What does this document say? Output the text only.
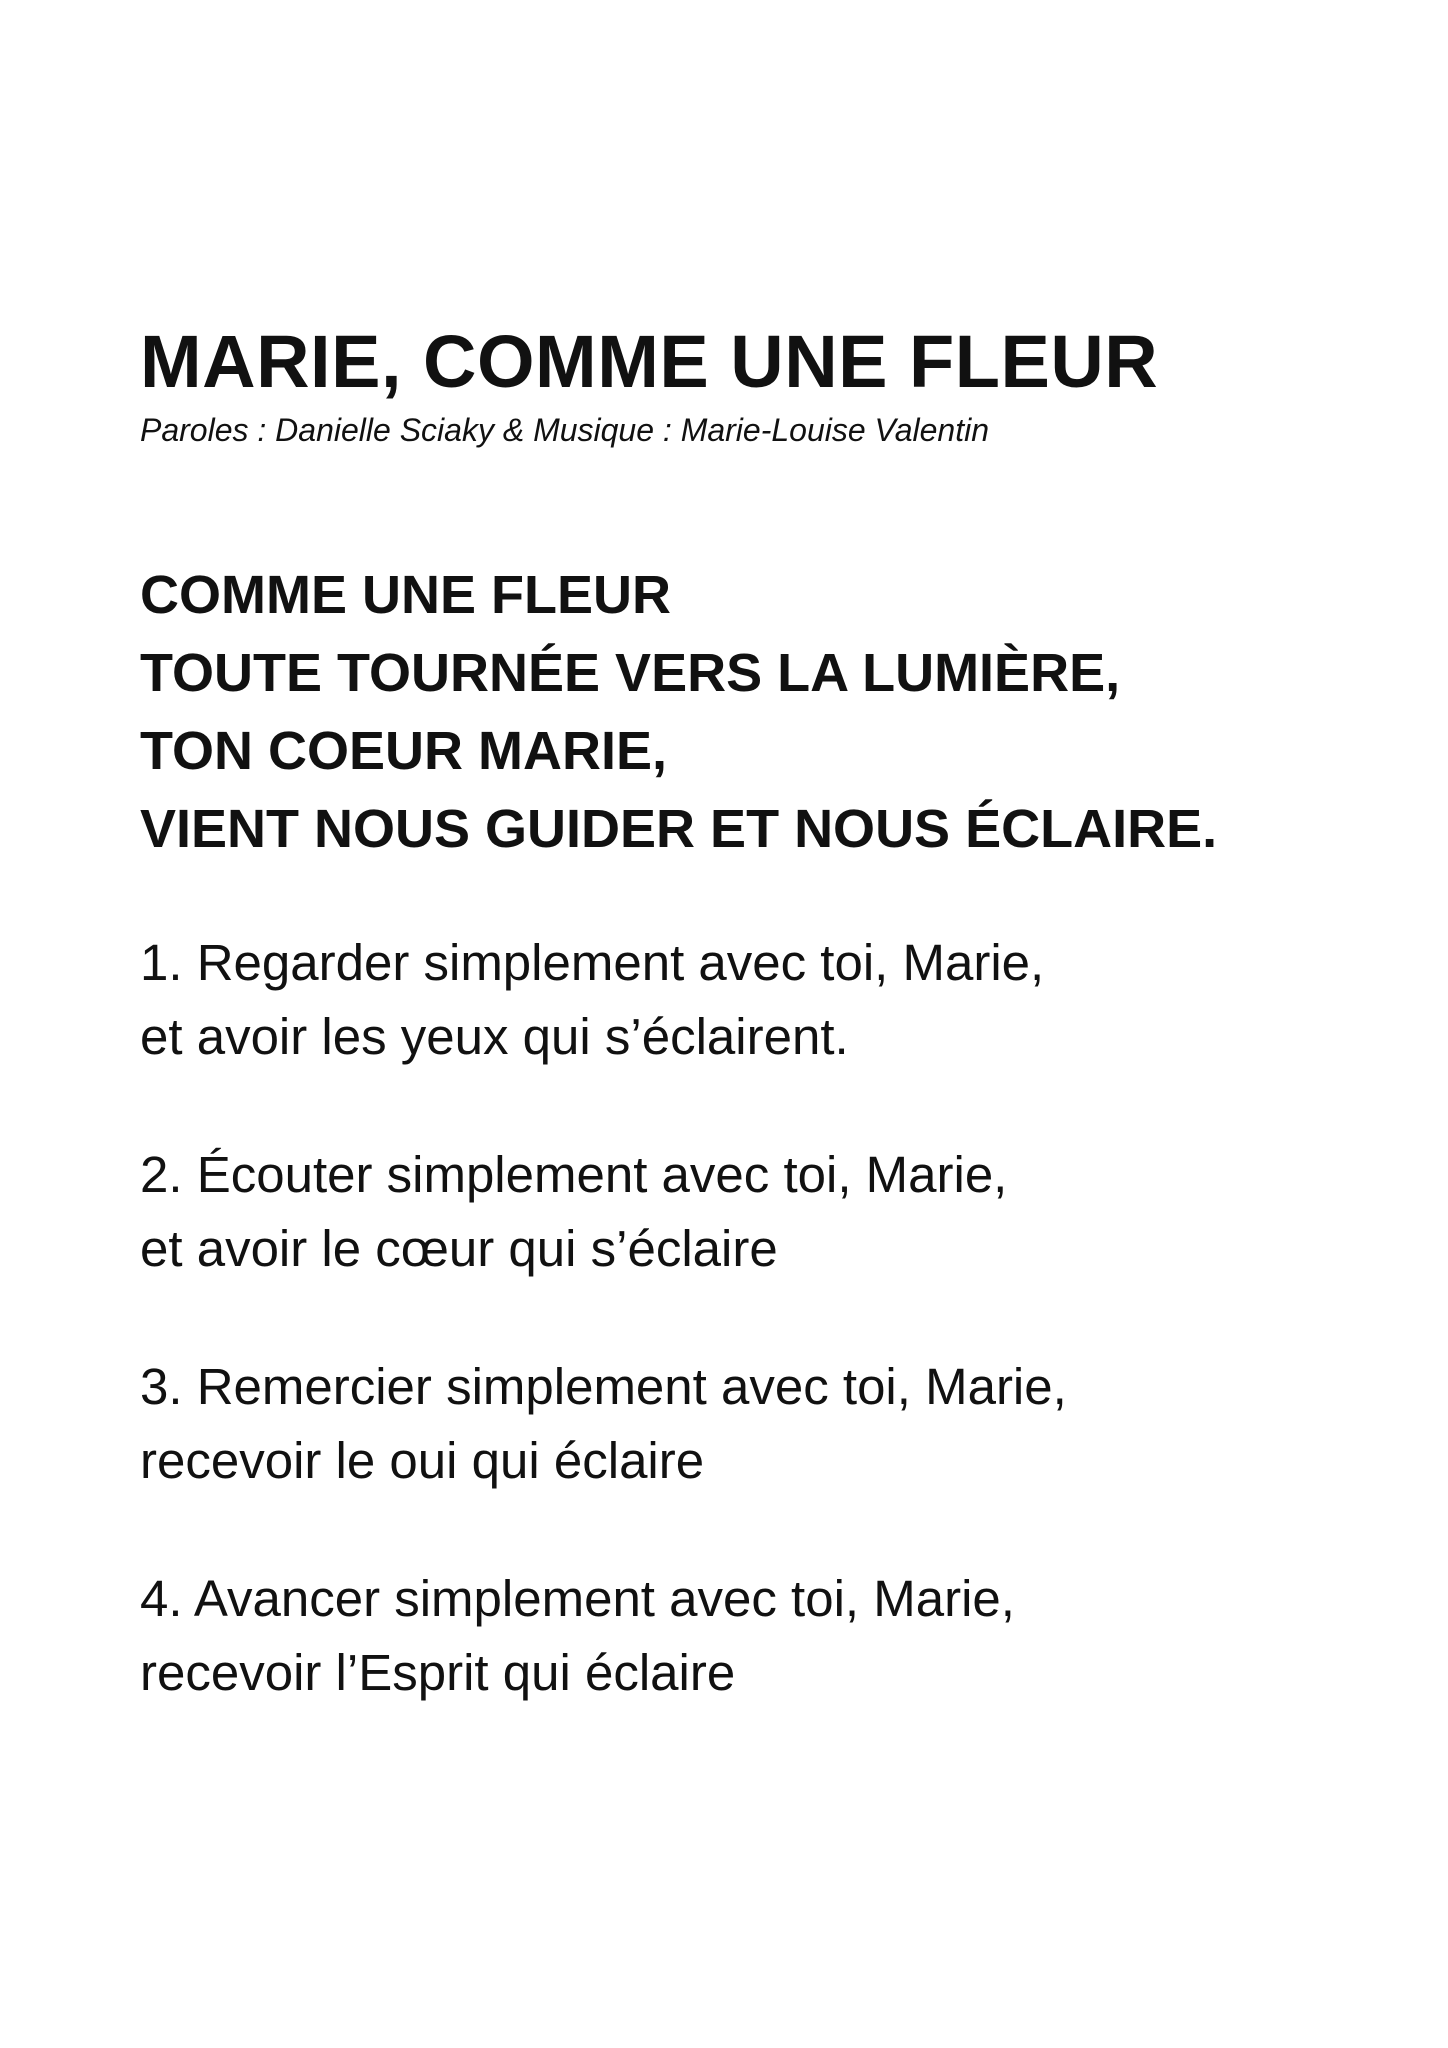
MARIE, COMME UNE FLEUR

Paroles : Danielle Sciaky & Musique : Marie-Louise Valentin

COMME UNE FLEUR
TOUTE TOURNÉE VERS LA LUMIÈRE,
TON COEUR MARIE,
VIENT NOUS GUIDER ET NOUS ÉCLAIRE.
1. Regarder simplement avec toi, Marie,
et avoir les yeux qui s’éclairent.
2. Écouter simplement avec toi, Marie,
et avoir le cœur qui s’éclaire
3. Remercier simplement avec toi, Marie,
recevoir le oui qui éclaire
4. Avancer simplement avec toi, Marie,
recevoir l’Esprit qui éclaire
